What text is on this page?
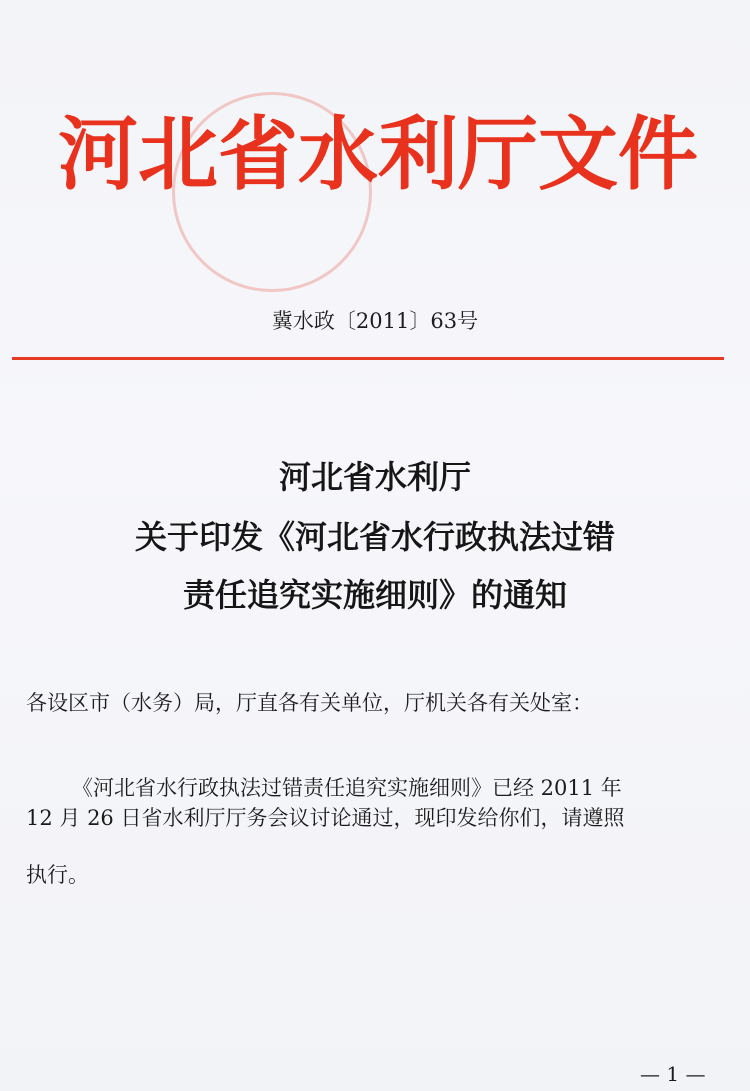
河北省水利厅文件
冀水政〔2011〕63号
河北省水利厅
关于印发《河北省水行政执法过错
责任追究实施细则》的通知
各设区市（水务）局，厅直各有关单位，厅机关各有关处室：
《河北省水行政执法过错责任追究实施细则》已经 2011 年
12 月 26 日省水利厅厅务会议讨论通过，现印发给你们，请遵照
执行。
— 1 —
